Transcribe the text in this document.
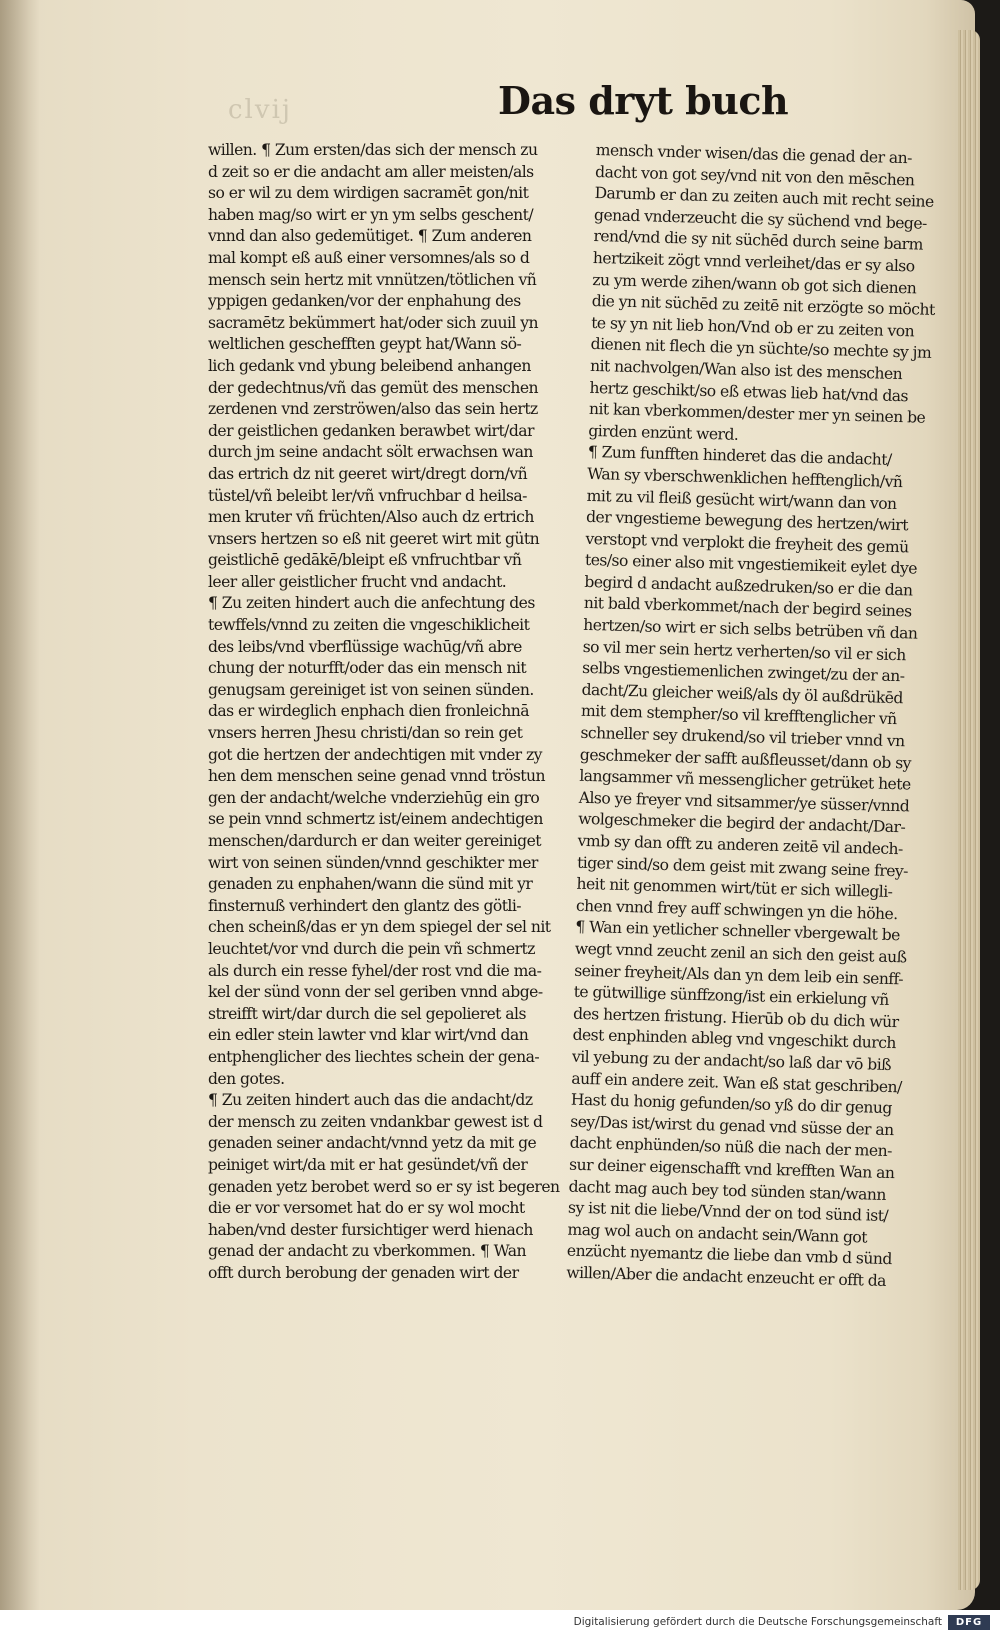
clvij	Das dryt buch
willen. ¶ Zum ersten/das sich der mensch zu
d zeit so er die andacht am aller meisten/als
so er wil zu dem wirdigen sacramēt gon/nit
haben mag/so wirt er yn ym selbs geschent/
vnnd dan also gedemütiget. ¶ Zum anderen
mal kompt eß auß einer versomnes/als so d
mensch sein hertz mit vnnützen/tötlichen vñ
yppigen gedanken/vor der enphahung des
sacramētz bekümmert hat/oder sich zuuil yn
weltlichen geschefften geypt hat/Wann sö-
lich gedank vnd ybung beleibend anhangen
der gedechtnus/vñ das gemüt des menschen
zerdenen vnd zerströwen/also das sein hertz
der geistlichen gedanken berawbet wirt/dar
durch jm seine andacht sölt erwachsen wan
das ertrich dz nit geeret wirt/dregt dorn/vñ
tüstel/vñ beleibt ler/vñ vnfruchbar d heilsa-
men kruter vñ früchten/Also auch dz ertrich
vnsers hertzen so eß nit geeret wirt mit gütn
geistlichē gedākē/bleipt eß vnfruchtbar vñ
leer aller geistlicher frucht vnd andacht.
¶ Zu zeiten hindert auch die anfechtung des
tewffels/vnnd zu zeiten die vngeschiklicheit
des leibs/vnd vberflüssige wachūg/vñ abre
chung der noturfft/oder das ein mensch nit
genugsam gereiniget ist von seinen sünden.
das er wirdeglich enphach dien fronleichnā
vnsers herren Jhesu christi/dan so rein get
got die hertzen der andechtigen mit vnder zy
hen dem menschen seine genad vnnd tröstun
gen der andacht/welche vnderziehūg ein gro
se pein vnnd schmertz ist/einem andechtigen
menschen/dardurch er dan weiter gereiniget
wirt von seinen sünden/vnnd geschikter mer
genaden zu enphahen/wann die sünd mit yr
finsternuß verhindert den glantz des götli-
chen scheinß/das er yn dem spiegel der sel nit
leuchtet/vor vnd durch die pein vñ schmertz
als durch ein resse fyhel/der rost vnd die ma-
kel der sünd vonn der sel geriben vnnd abge-
streifft wirt/dar durch die sel gepolieret als
ein edler stein lawter vnd klar wirt/vnd dan
entphenglicher des liechtes schein der gena-
den gotes.
¶ Zu zeiten hindert auch das die andacht/dz
der mensch zu zeiten vndankbar gewest ist d
genaden seiner andacht/vnnd yetz da mit ge
peiniget wirt/da mit er hat gesündet/vñ der
genaden yetz berobet werd so er sy ist begeren
die er vor versomet hat do er sy wol mocht
haben/vnd dester fursichtiger werd hienach
genad der andacht zu vberkommen. ¶ Wan
offt durch berobung der genaden wirt der
mensch vnder wisen/das die genad der an-
dacht von got sey/vnd nit von den mēschen
Darumb er dan zu zeiten auch mit recht seine
genad vnderzeucht die sy süchend vnd bege-
rend/vnd die sy nit süchēd durch seine barm
hertzikeit zögt vnnd verleihet/das er sy also
zu ym werde zihen/wann ob got sich dienen
die yn nit süchēd zu zeitē nit erzögte so möcht
te sy yn nit lieb hon/Vnd ob er zu zeiten von
dienen nit flech die yn süchte/so mechte sy jm
nit nachvolgen/Wan also ist des menschen
hertz geschikt/so eß etwas lieb hat/vnd das
nit kan vberkommen/dester mer yn seinen be
girden enzünt werd.
¶ Zum funfften hinderet das die andacht/
Wan sy vberschwenklichen hefftenglich/vñ
mit zu vil fleiß gesücht wirt/wann dan von
der vngestieme bewegung des hertzen/wirt
verstopt vnd verplokt die freyheit des gemü
tes/so einer also mit vngestiemikeit eylet dye
begird d andacht außzedruken/so er die dan
nit bald vberkommet/nach der begird seines
hertzen/so wirt er sich selbs betrüben vñ dan
so vil mer sein hertz verherten/so vil er sich
selbs vngestiemenlichen zwinget/zu der an-
dacht/Zu gleicher weiß/als dy öl außdrükēd
mit dem stempher/so vil krefftenglicher vñ
schneller sey drukend/so vil trieber vnnd vn
geschmeker der safft außfleusset/dann ob sy
langsammer vñ messenglicher getrüket hete
Also ye freyer vnd sitsammer/ye süsser/vnnd
wolgeschmeker die begird der andacht/Dar-
vmb sy dan offt zu anderen zeitē vil andech-
tiger sind/so dem geist mit zwang seine frey-
heit nit genommen wirt/tüt er sich willegli-
chen vnnd frey auff schwingen yn die höhe.
¶ Wan ein yetlicher schneller vbergewalt be
wegt vnnd zeucht zenil an sich den geist auß
seiner freyheit/Als dan yn dem leib ein senff-
te gütwillige sünffzong/ist ein erkielung vñ
des hertzen fristung. Hierūb ob du dich wür
dest enphinden ableg vnd vngeschikt durch
vil yebung zu der andacht/so laß dar vō biß
auff ein andere zeit. Wan eß stat geschriben/
Hast du honig gefunden/so yß do dir genug
sey/Das ist/wirst du genad vnd süsse der an
dacht enphünden/so nüß die nach der men-
sur deiner eigenschafft vnd krefften Wan an
dacht mag auch bey tod sünden stan/wann
sy ist nit die liebe/Vnnd der on tod sünd ist/
mag wol auch on andacht sein/Wann got
enzücht nyemantz die liebe dan vmb d sünd
willen/Aber die andacht enzeucht er offt da
Digitalisierung gefördert durch die Deutsche Forschungsgemeinschaft	DFG
